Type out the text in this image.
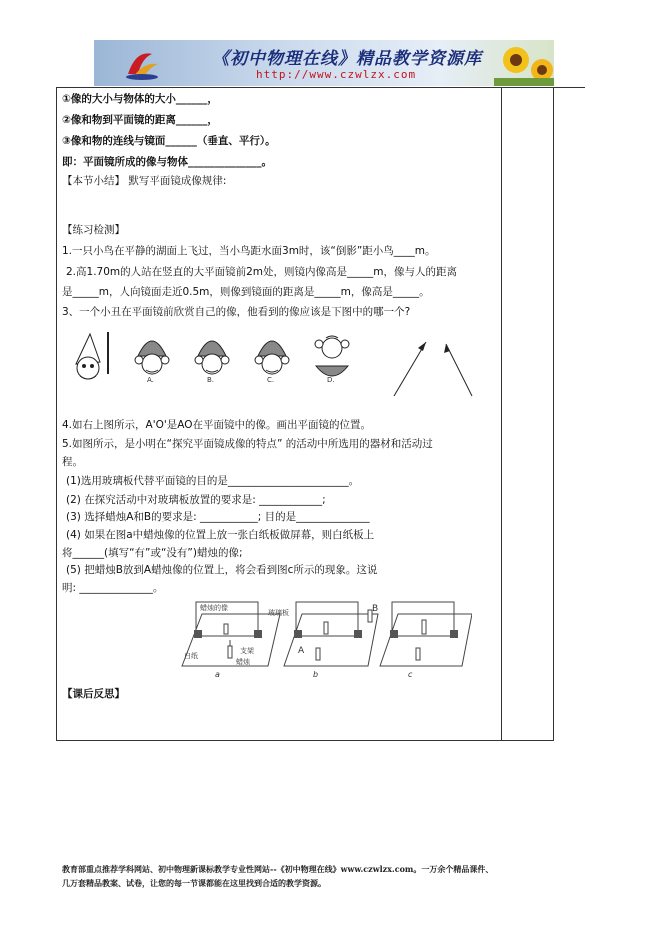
《初中物理在线》精品教学资源库
http://www.czwlzx.com
①像的大小与物体的大小______，
②像和物到平面镜的距离______，
③像和物的连线与镜面______（垂直、平行）。
即：平面镜所成的像与物体______________。
【本节小结】 默写平面镜成像规律:
【练习检测】
1.一只小鸟在平静的湖面上飞过，当小鸟距水面3m时，该“倒影”距小鸟____m。
2.高1.70m的人站在竖直的大平面镜前2m处，则镜内像高是_____m，像与人的距离
是_____m，人向镜面走近0.5m，则像到镜面的距离是_____m，像高是_____。
3、一个小丑在平面镜前欣赏自己的像，他看到的像应该是下图中的哪一个?
A.	B.	C.	D.
4.如右上图所示，A'O'是AO在平面镜中的像。画出平面镜的位置。
5.如图所示，是小明在“探究平面镜成像的特点” 的活动中所选用的器材和活动过
程。
(1)选用玻璃板代替平面镜的目的是_______________________。
(2) 在探究活动中对玻璃板放置的要求是: ____________;
(3) 选择蜡烛A和B的要求是: ___________; 目的是______________
(4) 如果在图a中蜡烛像的位置上放一张白纸板做屏幕，则白纸板上
将______(填写“有”或“没有”)蜡烛的像;
(5) 把蜡烛B放到A蜡烛像的位置上，将会看到图c所示的现象。这说
明: ______________。
蜡烛的像
玻璃板
支架
白纸
蜡烛
A
B
a	b	c
【课后反思】
教育部重点推荐学科网站、初中物理新课标教学专业性网站--《初中物理在线》www.czwlzx.com。一万余个精品课件、
几万套精品教案、试卷，让您的每一节课都能在这里找到合适的教学资源。
